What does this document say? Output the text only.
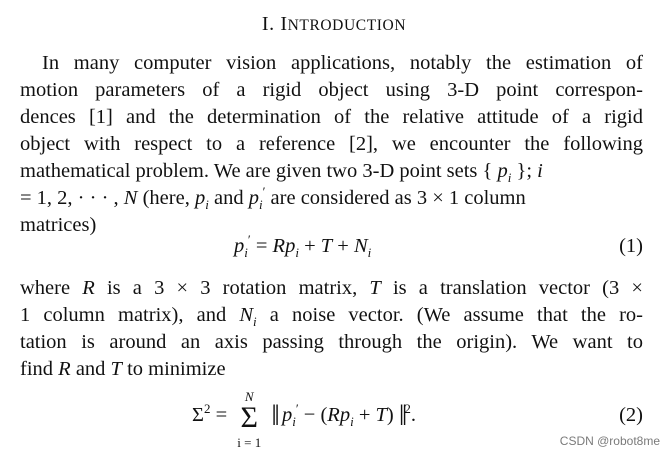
I. INTRODUCTION
In many computer vision applications, notably the estimation of
motion parameters of a rigid object using 3-D point correspon-
dences [1] and the determination of the relative attitude of a rigid
object with respect to a reference [2], we encounter the following
mathematical problem. We are given two 3-D point sets { $p_i$ }; i
= 1, 2, · · · , N (here, $p_i$ and $p_i'$ are considered as 3 × 1 column
matrices)
$p_i' = Rp_i + T + N_i$	(1)
where R is a 3 × 3 rotation matrix, T is a translation vector (3 ×
1 column matrix), and $N_i$ a noise vector. (We assume that the ro-
tation is around an axis passing through the origin). We want to
find R and T to minimize
$\Sigma^2$ =
N
Σ
i = 1
‖ $p_i' - (Rp_i + T)$ ‖$^2$.	(2)
CSDN @robot8me
